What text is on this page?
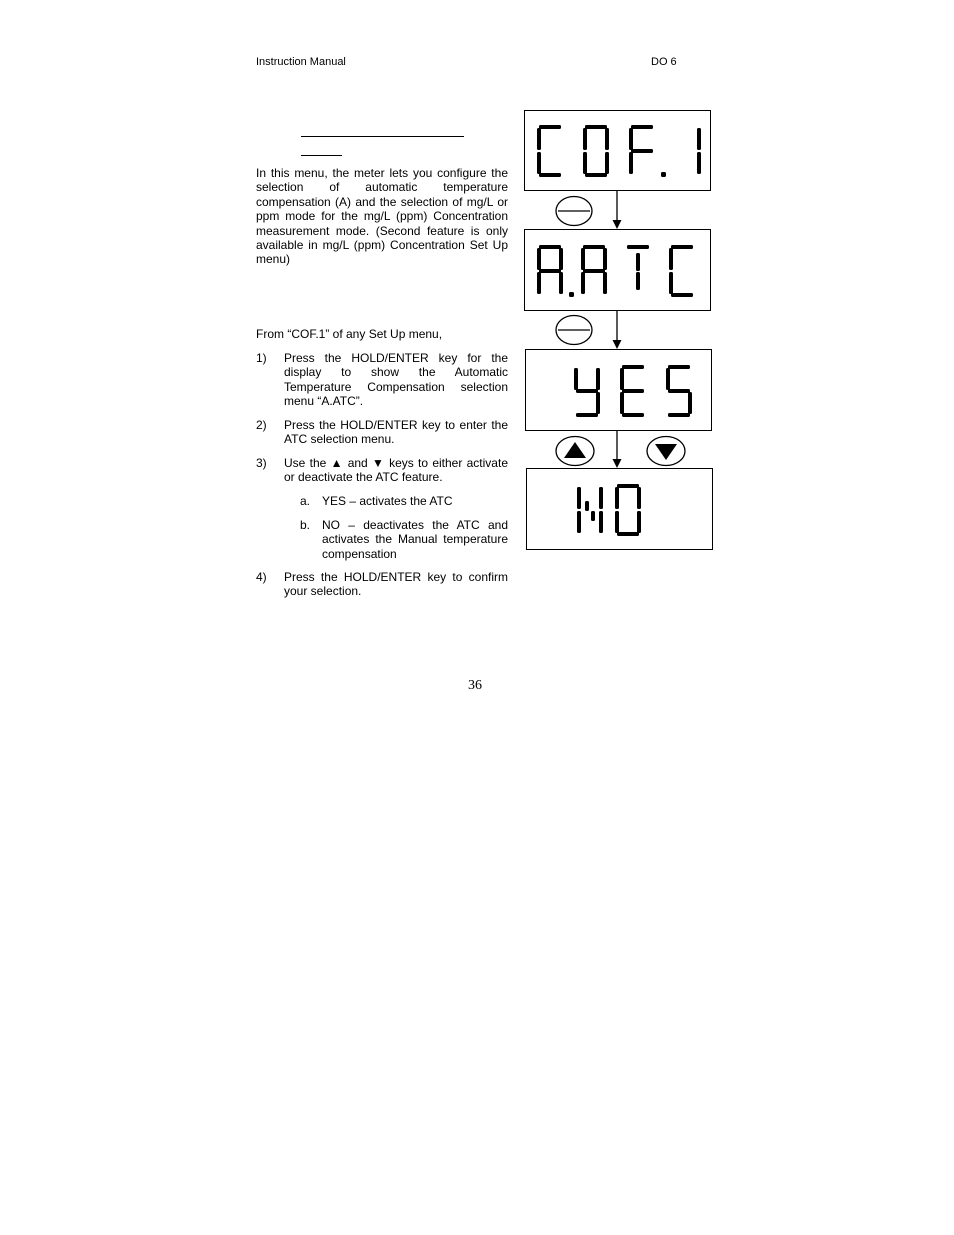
Instruction Manual	DO 6
In this menu, the meter lets you configure the selection of automatic temperature compensation (A) and the selection of mg/L or ppm mode for the mg/L (ppm) Concentration measurement mode. (Second feature is only available in mg/L (ppm) Concentration Set Up menu)
From “COF.1” of any Set Up menu,
1) Press the HOLD/ENTER key for the display to show the Automatic Temperature Compensation selection menu “A.ATC”.
2) Press the HOLD/ENTER key to enter the ATC selection menu.
3) Use the ▲ and ▼ keys to either activate or deactivate the ATC feature.
a. YES – activates the ATC
b. NO – deactivates the ATC and activates the Manual temperature compensation
4) Press the HOLD/ENTER key to confirm your selection.
36
